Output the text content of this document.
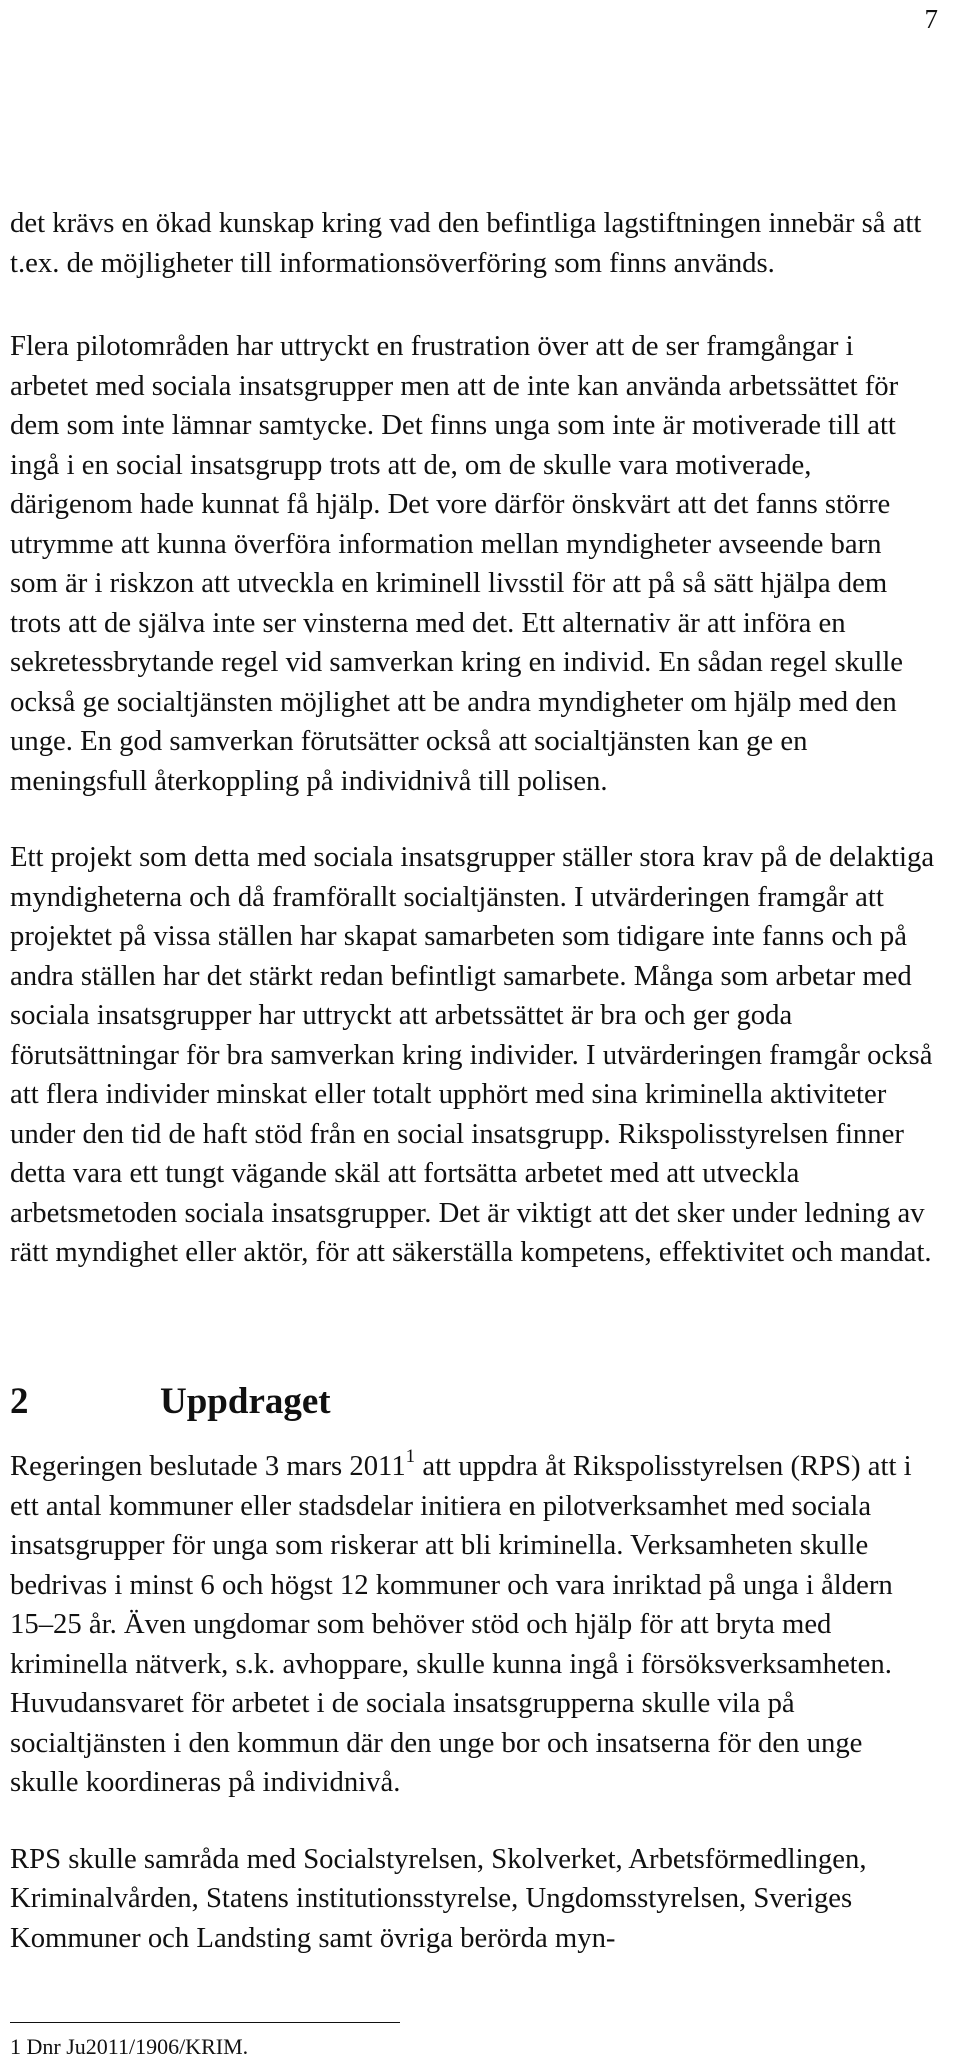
7

det krävs en ökad kunskap kring vad den befintliga lagstiftningen innebär så att t.ex. de möjligheter till informationsöverföring som finns används.

Flera pilotområden har uttryckt en frustration över att de ser framgångar i arbetet med sociala insatsgrupper men att de inte kan använda arbetssättet för dem som inte lämnar samtycke. Det finns unga som inte är motiverade till att ingå i en social insatsgrupp trots att de, om de skulle vara motiverade, därigenom hade kunnat få hjälp. Det vore därför önskvärt att det fanns större utrymme att kunna överföra information mellan myndigheter avseende barn som är i riskzon att utveckla en kriminell livsstil för att på så sätt hjälpa dem trots att de själva inte ser vinsterna med det. Ett alternativ är att införa en sekretessbrytande regel vid samverkan kring en individ. En sådan regel skulle också ge socialtjänsten möjlighet att be andra myndigheter om hjälp med den unge. En god samverkan förutsätter också att socialtjänsten kan ge en meningsfull återkoppling på individnivå till polisen.

Ett projekt som detta med sociala insatsgrupper ställer stora krav på de delaktiga myndigheterna och då framförallt socialtjänsten. I utvärderingen framgår att projektet på vissa ställen har skapat samarbeten som tidigare inte fanns och på andra ställen har det stärkt redan befintligt samarbete. Många som arbetar med sociala insatsgrupper har uttryckt att arbetssättet är bra och ger goda förutsättningar för bra samverkan kring individer. I utvärderingen framgår också att flera individer minskat eller totalt upphört med sina kriminella aktiviteter under den tid de haft stöd från en social insatsgrupp. Rikspolisstyrelsen finner detta vara ett tungt vägande skäl att fortsätta arbetet med att utveckla arbetsmetoden sociala insatsgrupper. Det är viktigt att det sker under ledning av rätt myndighet eller aktör, för att säkerställa kompetens, effektivitet och mandat.

2	Uppdraget

Regeringen beslutade 3 mars 2011$^1$ att uppdra åt Rikspolisstyrelsen (RPS) att i ett antal kommuner eller stadsdelar initiera en pilotverksamhet med sociala insatsgrupper för unga som riskerar att bli kriminella. Verksamheten skulle bedrivas i minst 6 och högst 12 kommuner och vara inriktad på unga i åldern 15–25 år. Även ungdomar som behöver stöd och hjälp för att bryta med kriminella nätverk, s.k. avhoppare, skulle kunna ingå i försöksverksamheten. Huvudansvaret för arbetet i de sociala insatsgrupperna skulle vila på socialtjänsten i den kommun där den unge bor och insatserna för den unge skulle koordineras på individnivå.

RPS skulle samråda med Socialstyrelsen, Skolverket, Arbetsförmedlingen, Kriminalvården, Statens institutionsstyrelse, Ungdomsstyrelsen, Sveriges Kommuner och Landsting samt övriga berörda myn-

1 Dnr Ju2011/1906/KRIM.
